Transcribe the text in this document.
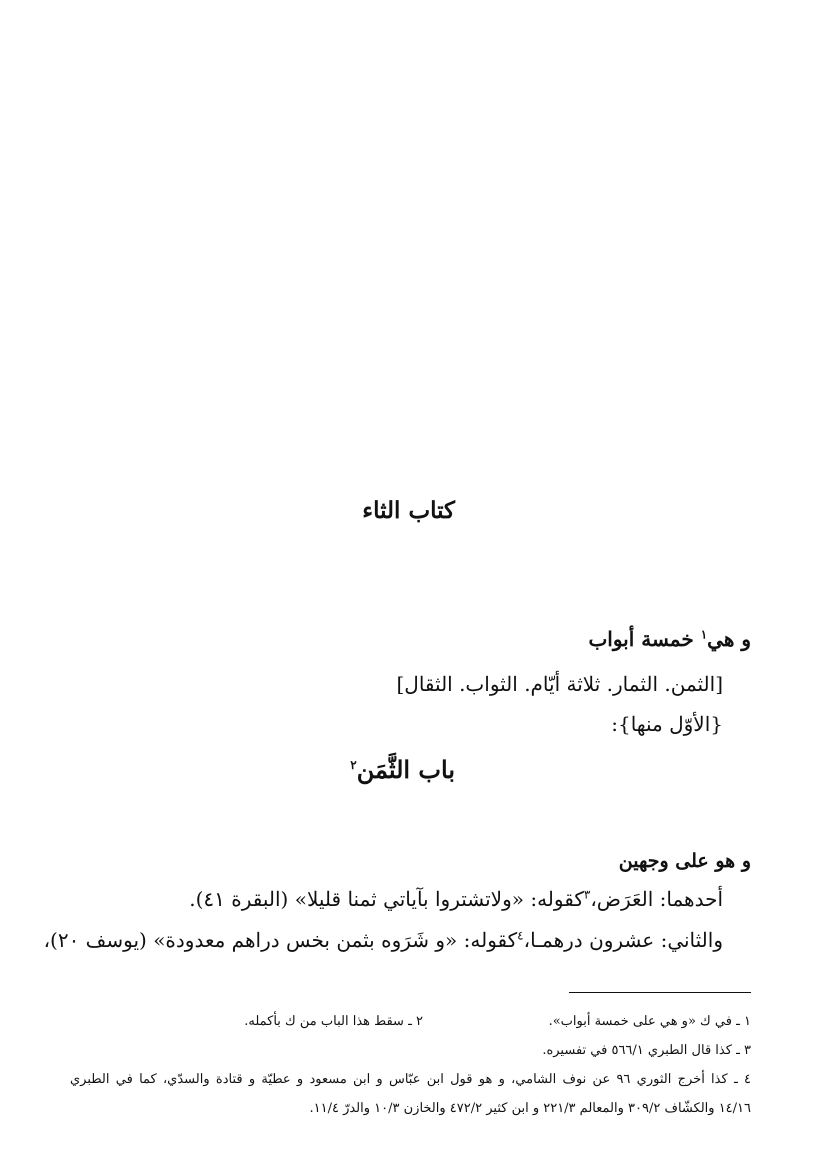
كتاب الثاء
و هي$^١$ خمسة أبواب
[الثمن. الثمار. ثلاثة أيّام. الثواب. الثقال]
{الأوّل منها}:
باب الثَّمَن$^٢$
و هو على وجهين
أحدهما: العَرَض،$^٣$كقوله: «ولاتشتروا بآياتي ثمنا قليلا» (البقرة ٤١).
والثاني: عشرون درهمـا،$^٤$كقوله: «و شَرَوه بثمن بخس دراهم معدودة» (يوسف ٢٠)،
١ ـ في ك «و هي على خمسة أبواب».
٢ ـ سقط هذا الباب من ك بأكمله.
٣ ـ كذا قال الطبري ٥٦٦/١ في تفسيره.
٤ ـ كذا أخرج الثوري ٩٦ عن نوف الشامي، و هو قول ابن عبّاس و ابن مسعود و عطيّة و قتادة والسدّي، كما في الطبري
١٤/١٦ والكشّاف ٣٠٩/٢ والمعالم ٢٢١/٣ و ابن كثير ٤٧٢/٢ والخازن ١٠/٣ والدرّ ١١/٤.
